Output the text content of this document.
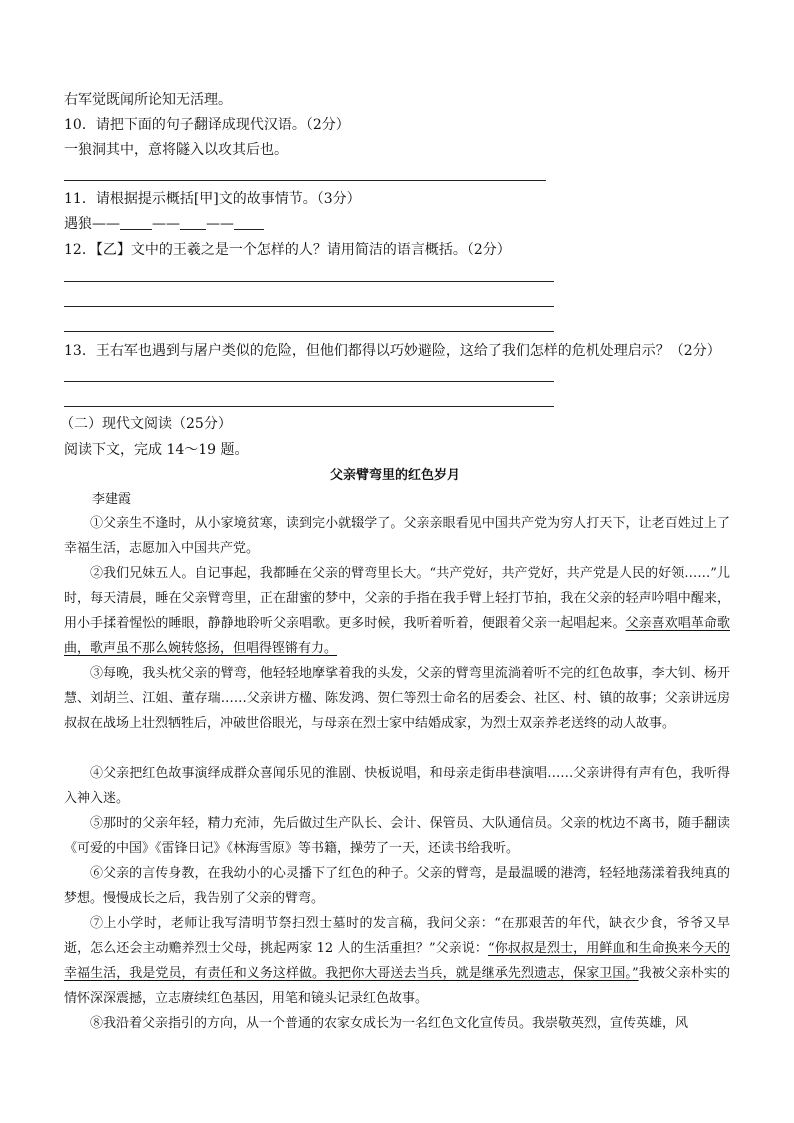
右军觉既闻所论知无活理。
10．请把下面的句子翻译成现代汉语。（2分）
一狼洞其中，意将隧入以攻其后也。
11．请根据提示概括[甲]文的故事情节。（3分）
遇狼—— —— ——
12．【乙】文中的王羲之是一个怎样的人？请用简洁的语言概括。（2分）
13．王右军也遇到与屠户类似的危险，但他们都得以巧妙避险，这给了我们怎样的危机处理启示？（2分）
（二）现代文阅读（25分）
阅读下文，完成 14～19 题。
父亲臂弯里的红色岁月
李建霞

①父亲生不逢时，从小家境贫寒，读到完小就辍学了。父亲亲眼看见中国共产党为穷人打天下，让老百姓过上了幸福生活，志愿加入中国共产党。

②我们兄妹五人。自记事起，我都睡在父亲的臂弯里长大。“共产党好，共产党好，共产党是人民的好领……”儿时，每天清晨，睡在父亲臂弯里，正在甜蜜的梦中，父亲的手指在我手臂上轻打节拍，我在父亲的轻声吟唱中醒来，用小手揉着惺忪的睡眼，静静地聆听父亲唱歌。更多时候，我听着听着，便跟着父亲一起唱起来。父亲喜欢唱革命歌曲，歌声虽不那么婉转悠扬，但唱得铿锵有力。

③每晚，我头枕父亲的臂弯，他轻轻地摩挲着我的头发，父亲的臂弯里流淌着听不完的红色故事，李大钊、杨开慧、刘胡兰、江姐、董存瑞……父亲讲方楹、陈发鸿、贺仁等烈士命名的居委会、社区、村、镇的故事；父亲讲远房叔叔在战场上壮烈牺牲后，冲破世俗眼光，与母亲在烈士家中结婚成家，为烈士双亲养老送终的动人故事。

④父亲把红色故事演绎成群众喜闻乐见的淮剧、快板说唱，和母亲走街串巷演唱……父亲讲得有声有色，我听得入神入迷。

⑤那时的父亲年轻，精力充沛，先后做过生产队长、会计、保管员、大队通信员。父亲的枕边不离书，随手翻读《可爱的中国》《雷锋日记》《林海雪原》等书籍，操劳了一天，还读书给我听。

⑥父亲的言传身教，在我幼小的心灵播下了红色的种子。父亲的臂弯，是最温暖的港湾，轻轻地荡漾着我纯真的梦想。慢慢成长之后，我告别了父亲的臂弯。

⑦上小学时，老师让我写清明节祭扫烈士墓时的发言稿，我问父亲：“在那艰苦的年代，缺衣少食，爷爷又早逝，怎么还会主动赡养烈士父母，挑起两家 12 人的生活重担？”父亲说：“你叔叔是烈士，用鲜血和生命换来今天的幸福生活，我是党员，有责任和义务这样做。我把你大哥送去当兵，就是继承先烈遗志，保家卫国。”我被父亲朴实的情怀深深震撼，立志赓续红色基因，用笔和镜头记录红色故事。

⑧我沿着父亲指引的方向，从一个普通的农家女成长为一名红色文化宣传员。我崇敬英烈，宣传英雄，风
